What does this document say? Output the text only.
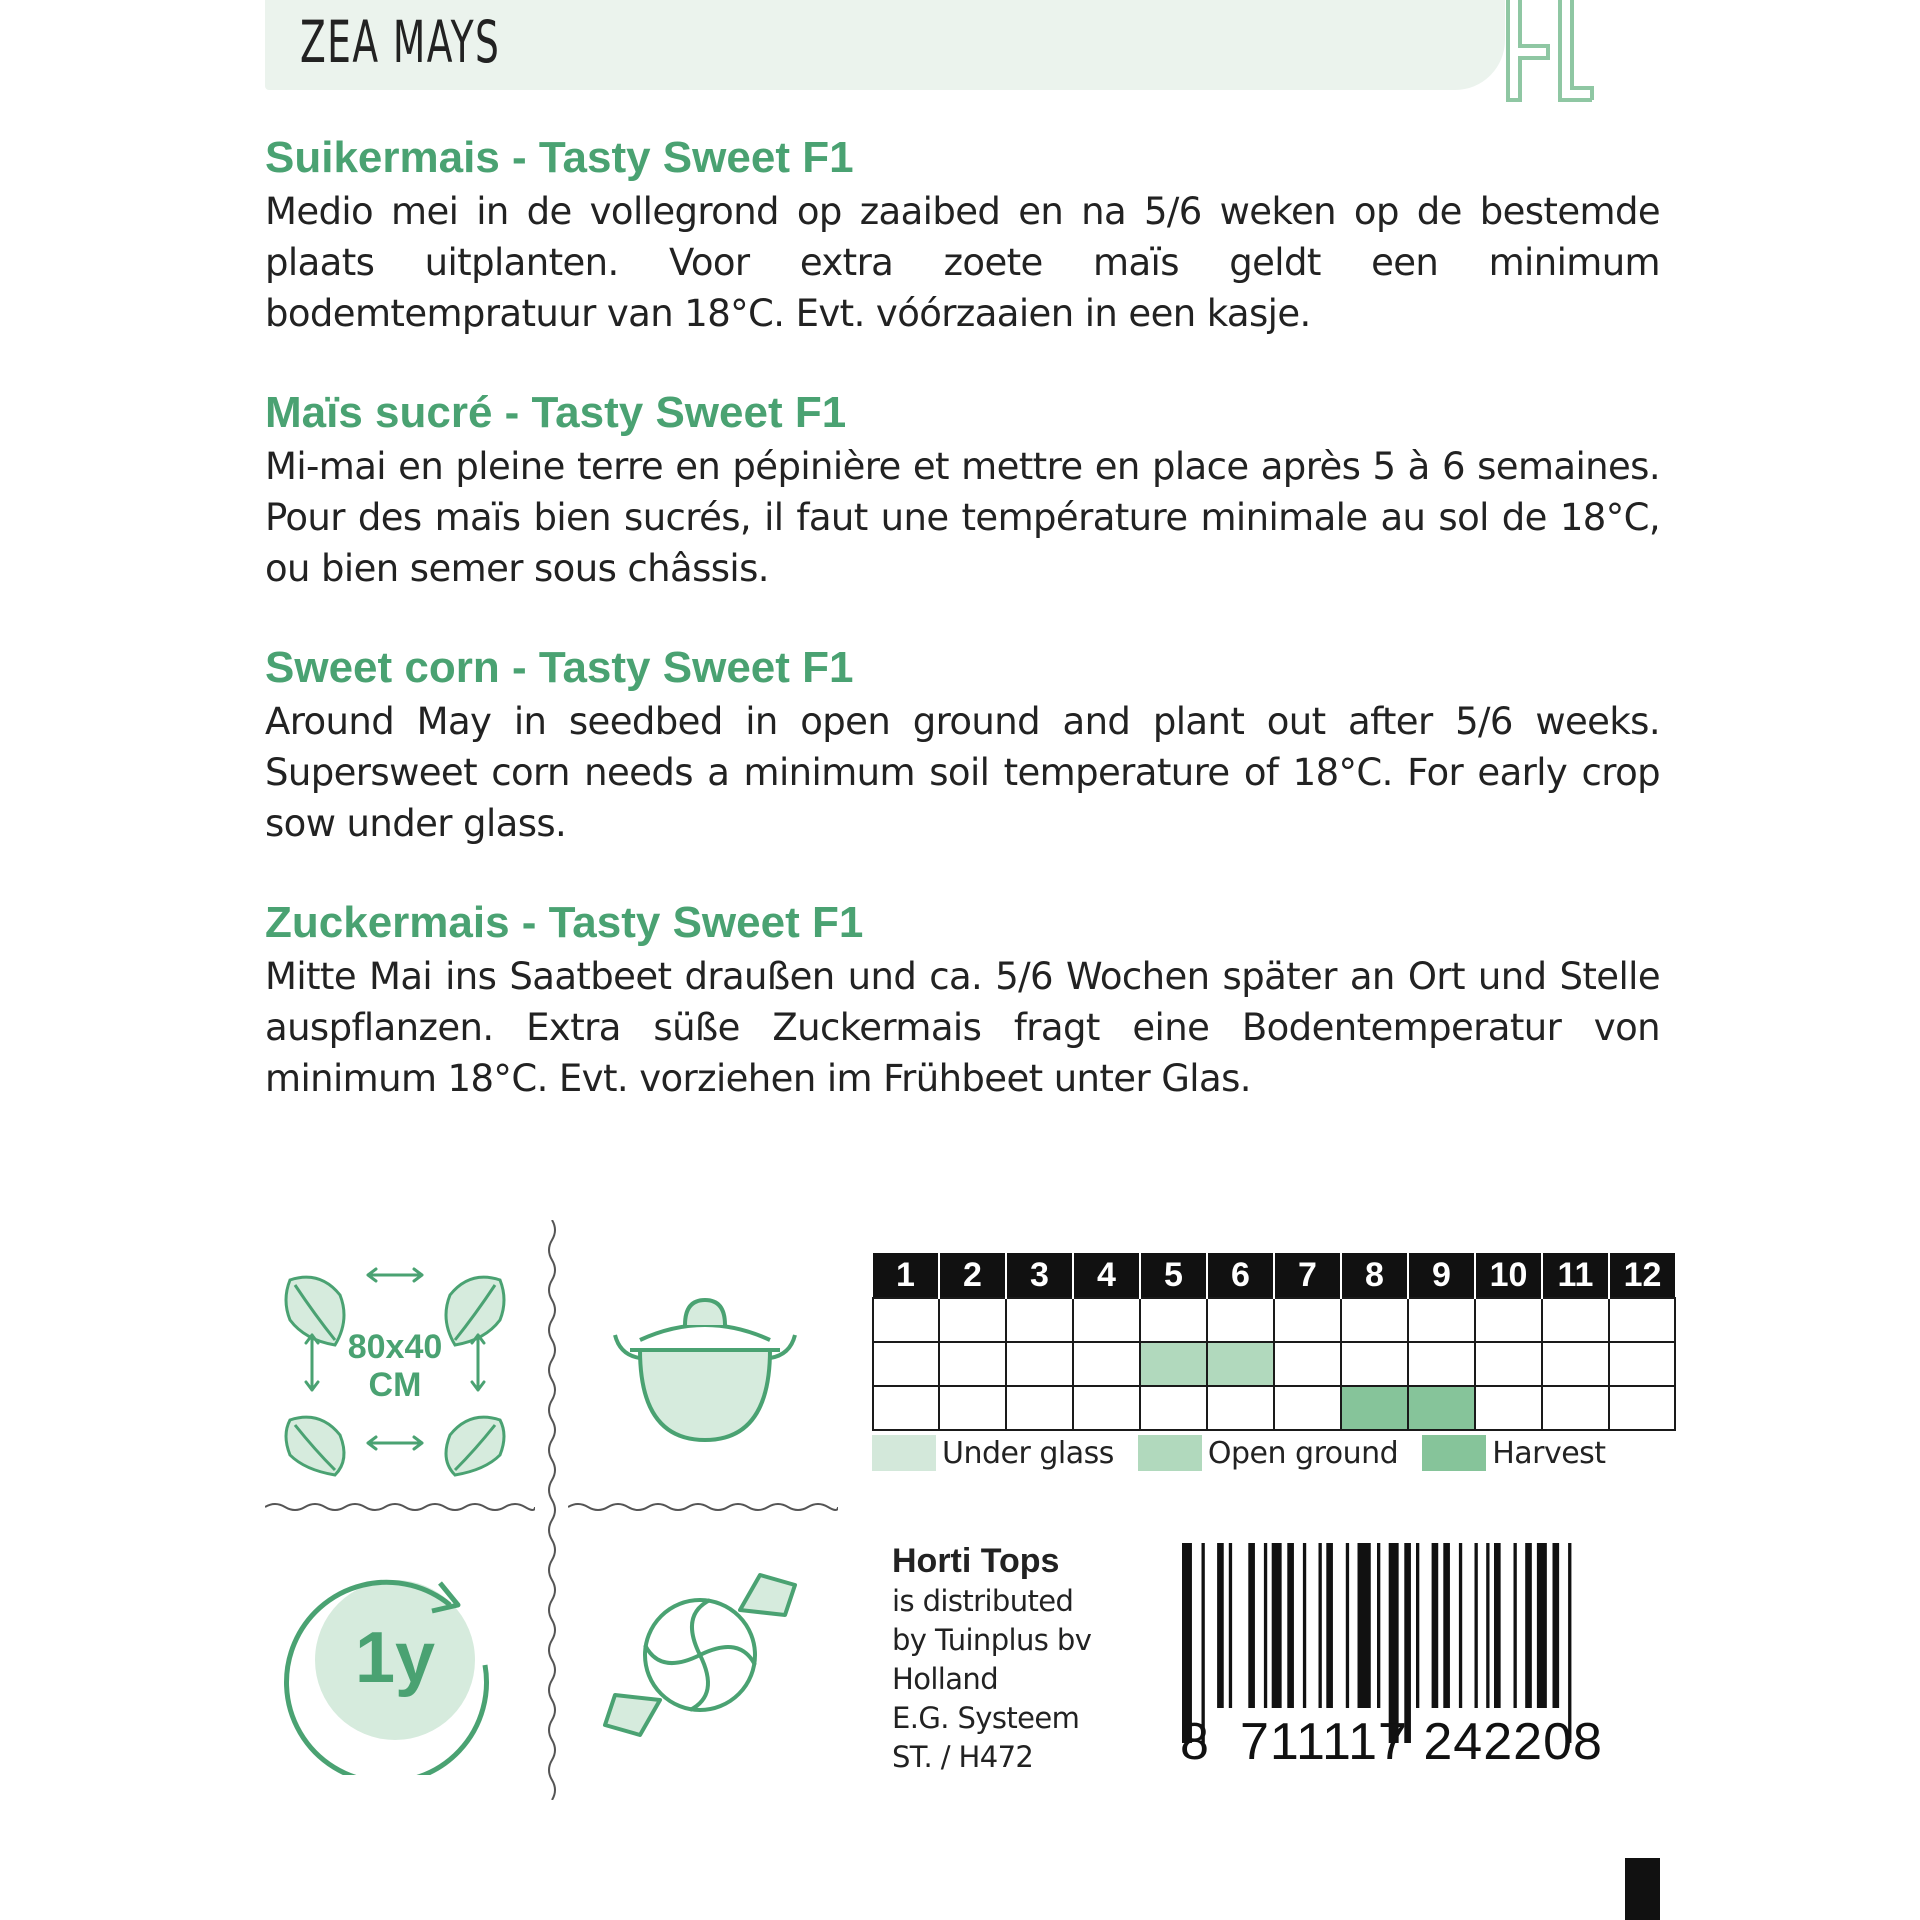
ZEA MAYS
Suikermais - Tasty Sweet F1

Medio mei in de vollegrond op zaaibed en na 5/6 weken op de bestemde plaats uitplanten. Voor extra zoete maïs geldt een minimum bodemtempratuur van 18°C. Evt. vóórzaaien in een kasje.

Maïs sucré - Tasty Sweet F1

Mi-mai en pleine terre en pépinière et mettre en place après 5 à 6 semaines. Pour des maïs bien sucrés, il faut une température minimale au sol de 18°C, ou bien semer sous châssis.

Sweet corn - Tasty Sweet F1

Around May in seedbed in open ground and plant out after 5/6 weeks. Supersweet corn needs a minimum soil temperature of 18°C. For early crop sow under glass.

Zuckermais - Tasty Sweet F1

Mitte Mai ins Saatbeet draußen und ca. 5/6 Wochen später an Ort und Stelle auspflanzen. Extra süße Zuckermais fragt eine Bodentemperatur von minimum 18°C. Evt. vorziehen im Frühbeet unter Glas.

80x40
CM
1y
1	2	3	4	5	6	7	8	9	10	11	12

Under glass	Open ground	Harvest
Horti Tops
is distributed
by Tuinplus bv
Holland
E.G. Systeem
ST. / H472	8 711117 242208
